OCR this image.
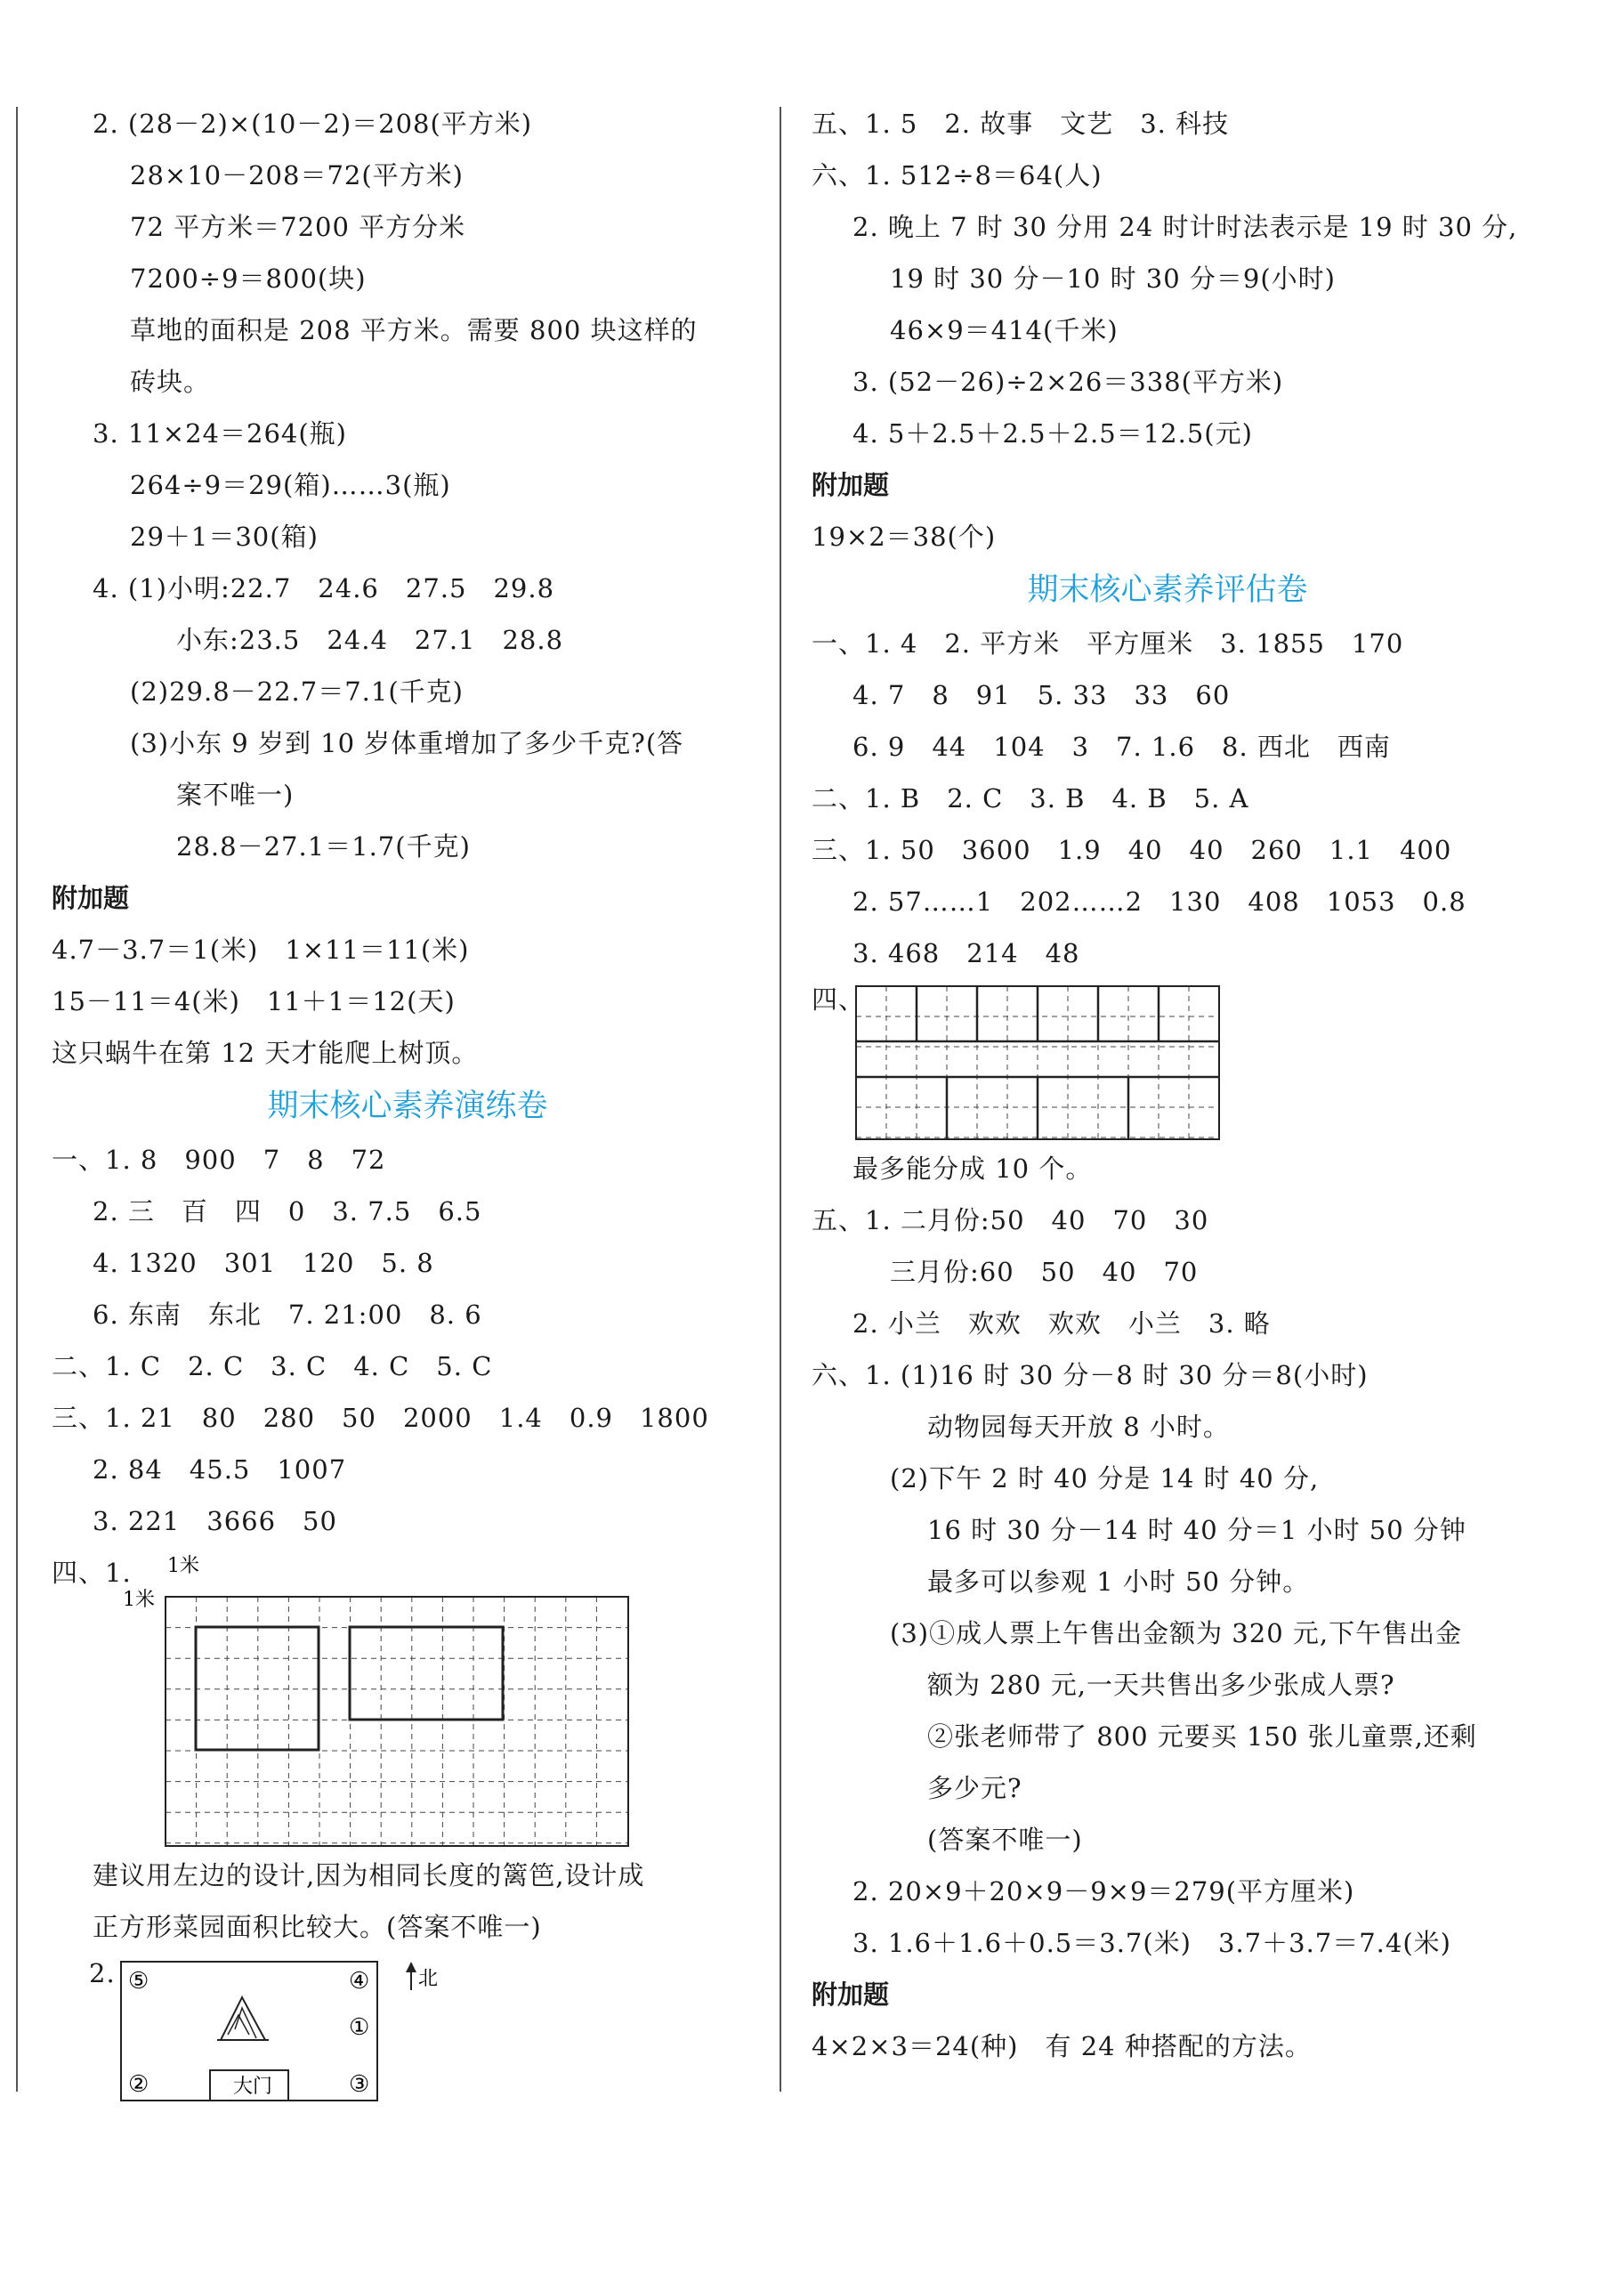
2. (28－2)×(10－2)＝208(平方米)
28×10－208＝72(平方米)
72 平方米＝7200 平方分米
7200÷9＝800(块)
草地的面积是 208 平方米。需要 800 块这样的
砖块。
3. 11×24＝264(瓶)
264÷9＝29(箱)……3(瓶)
29＋1＝30(箱)
4. (1)小明:22.7　24.6　27.5　29.8
小东:23.5　24.4　27.1　28.8
(2)29.8－22.7＝7.1(千克)
(3)小东 9 岁到 10 岁体重增加了多少千克?(答
案不唯一)
28.8－27.1＝1.7(千克)
附加题
4.7－3.7＝1(米)　1×11＝11(米)
15－11＝4(米)　11＋1＝12(天)
这只蜗牛在第 12 天才能爬上树顶。
期末核心素养演练卷
一、1. 8　900　7　8　72
2. 三　百　四　0　3. 7.5　6.5
4. 1320　301　120　5. 8
6. 东南　东北　7. 21:00　8. 6
二、1. C　2. C　3. C　4. C　5. C
三、1. 21　80　280　50　2000　1.4　0.9　1800
2. 84　45.5　1007
3. 221　3666　50
四、1. 1米
1米
建议用左边的设计,因为相同长度的篱笆,设计成
正方形菜园面积比较大。(答案不唯一)
2. ⑤	④
①
②	③
大门
北
五、1. 5　2. 故事　文艺　3. 科技
六、1. 512÷8＝64(人)
2. 晚上 7 时 30 分用 24 时计时法表示是 19 时 30 分,
19 时 30 分－10 时 30 分＝9(小时)
46×9＝414(千米)
3. (52－26)÷2×26＝338(平方米)
4. 5＋2.5＋2.5＋2.5＝12.5(元)
附加题
19×2＝38(个)
期末核心素养评估卷
一、1. 4　2. 平方米　平方厘米　3. 1855　170
4. 7　8　91　5. 33　33　60
6. 9　44　104　3　7. 1.6　8. 西北　西南
二、1. B　2. C　3. B　4. B　5. A
三、1. 50　3600　1.9　40　40　260　1.1　400
2. 57……1　202……2　130　408　1053　0.8
3. 468　214　48
四、
最多能分成 10 个。
五、1. 二月份:50　40　70　30
三月份:60　50　40　70
2. 小兰　欢欢　欢欢　小兰　3. 略
六、1. (1)16 时 30 分－8 时 30 分＝8(小时)
动物园每天开放 8 小时。
(2)下午 2 时 40 分是 14 时 40 分,
16 时 30 分－14 时 40 分＝1 小时 50 分钟
最多可以参观 1 小时 50 分钟。
(3)①成人票上午售出金额为 320 元,下午售出金
额为 280 元,一天共售出多少张成人票?
②张老师带了 800 元要买 150 张儿童票,还剩
多少元?
(答案不唯一)
2. 20×9＋20×9－9×9＝279(平方厘米)
3. 1.6＋1.6＋0.5＝3.7(米)　3.7＋3.7＝7.4(米)
附加题
4×2×3＝24(种)　有 24 种搭配的方法。
